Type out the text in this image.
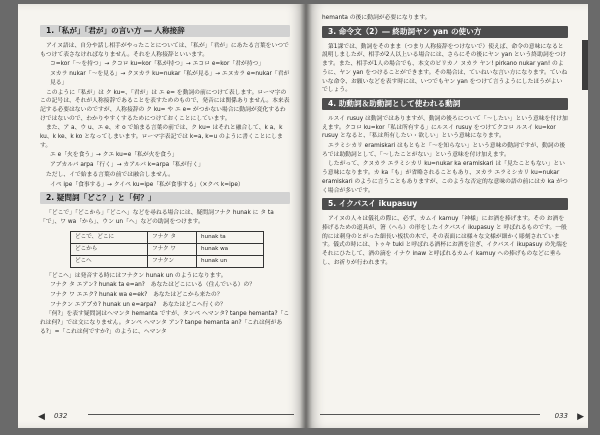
1.「私が」「君が」の言い方 ― 人称接辞

アイヌ語は、自分や話し相手がやったことについては、「私が」「君が」にあたる言葉をいつでもつけて表さなければなりません。それを人称接辞といいます。

コ=kor「～を持つ」→ クコロ ku=kor「私が持つ」→ エコロ e=kor「君が持つ」

ヌカラ nukar「～を見る」→ クヌカラ ku=nukar「私が見る」→ エヌカラ e=nukar「君が見る」

このように「私が」は ク ku=、「君が」は エ e= を動詞の前につけて表します。ローマ字のこの記号は、それが人称接辞であることを表すためのもので、発音には関係ありません。本来表記する必要はないのですが、人称接辞の ク ku= や エ e= がつかない場合に動詞が変化するわけではないので、わかりやすくするためにつけておくことにしています。

また、ア a、ウ u、エ e、オ o で始まる言葉の前では、ク ku= はそれと融合して、k a、k ku、k ke、k ko となってしまいます。ローマ字表記では k=a, k=u のように書くことにします。

エ e「火を食う」→ クエ ku=e「私が火を食う」

アプカルパ arpa「行く」→ カアルパ k=arpa「私が行く」

ただし、イで始まる言葉の前では融合しません。

イペ ipe「食事する」→ クイペ ku=ipe「私が食事する」（×クペ k=ipe）

2. 疑問詞「どこ？」と「何？」

「どこで」「どこから」「どこへ」などを尋ねる場合には、疑問詞フナク hunak に タ ta「で」、ワ wa「から」、ウン un「へ」などの助詞をつけます。

どこで、どこに	フナク タ	hunak ta
どこから	フナク ワ	hunak wa
どこへ	フナクン	hunak un

「どこへ」は発音する時にはフナクン hunak un のようになります。

フナク タ エアン? hunak ta e=an?　あなたはどこにいる（住んでいる）の？

フナク ワ エエク? hunak wa e=ek?　あなたはどこから来たの？

フナクン エアプカ? hunak un e=arpa?　あなたはどこへ行くの？

「何?」を表す疑問詞はヘマンタ hemanta ですが、タンペ ヘマンタ? tanpe hemanta?「これは何?」では文になりません。タンペ ヘマンタ アン? tanpe hemanta an?「これは何がある?」=「これは何ですか?」のように、ヘマンタ

◀ 032

hemanta の後に動詞が必要になります。

3. 命令文（2）― 終助詞ヤン yan の使い方

第1課では、動詞をそのまま（つまり人称接辞をつけないで）使えば、命令の意味になると説明しましたが、相手が2人以上いる場合には、さらにその後にヤン yan という終助詞をつけます。また、相手が1人の場合でも、本文のピリカノ ヌカラ ヤン! pirkano nukar yan! のように、ヤン yan をつけることができます。その場合は、ていねいな言い方になります。ていねいな命令、お願いなどを表す時には、いつでもヤン yan をつけて言うようにしたほうがよいでしょう。

4. 助動詞＆助動詞として使われる動詞

ルスイ rusuy は動詞ではありますが、動詞の後ろについて「～したい」という意味を付け加えます。クコロ ku=kor「私は所有する」にルスイ rusuy をつけてクコロ ルスイ ku=kor rusuy となると、「私は所有したい・欲しい」という意味になります。

エラミシカリ eramiskari はもともと「～を知らない」という意味の動詞ですが、動詞の後ろでは助動詞として、「～したことがない」という意味を付け加えます。

したがって、クヌカラ エラミシカリ ku=nukar ka eramiskari は「見たこともない」という意味になります。カ ka「も」が省略されることもあり、ヌカラ エラミシカリ ku=nukar eramiskari のように言うこともありますが、このような否定的な意味の語の前にはカ ka がつく場合が多いです。

5. イクパスイ ikupasuy

アイヌの人々は儀礼の際に、必ず、カムイ kamuy「神様」にお酒を捧げます。その お酒を捧げるための道具が、箸（へら）の形をしたイクパスイ ikupasuy と 呼ばれるものです。一般的には刺身のとがった細長い板状の木で、その表面には様々な文様が細かく彫刻されています。儀式の時には、トゥキ tuki と呼ばれる酒杯にお酒を注ぎ、イクパスイ ikupasuy の先端をそれにひたして、酒の滴を イナウ inaw と呼ばれるカムイ kamuy への捧げものなどに垂らし、お祈りが行われます。

033 ▶
